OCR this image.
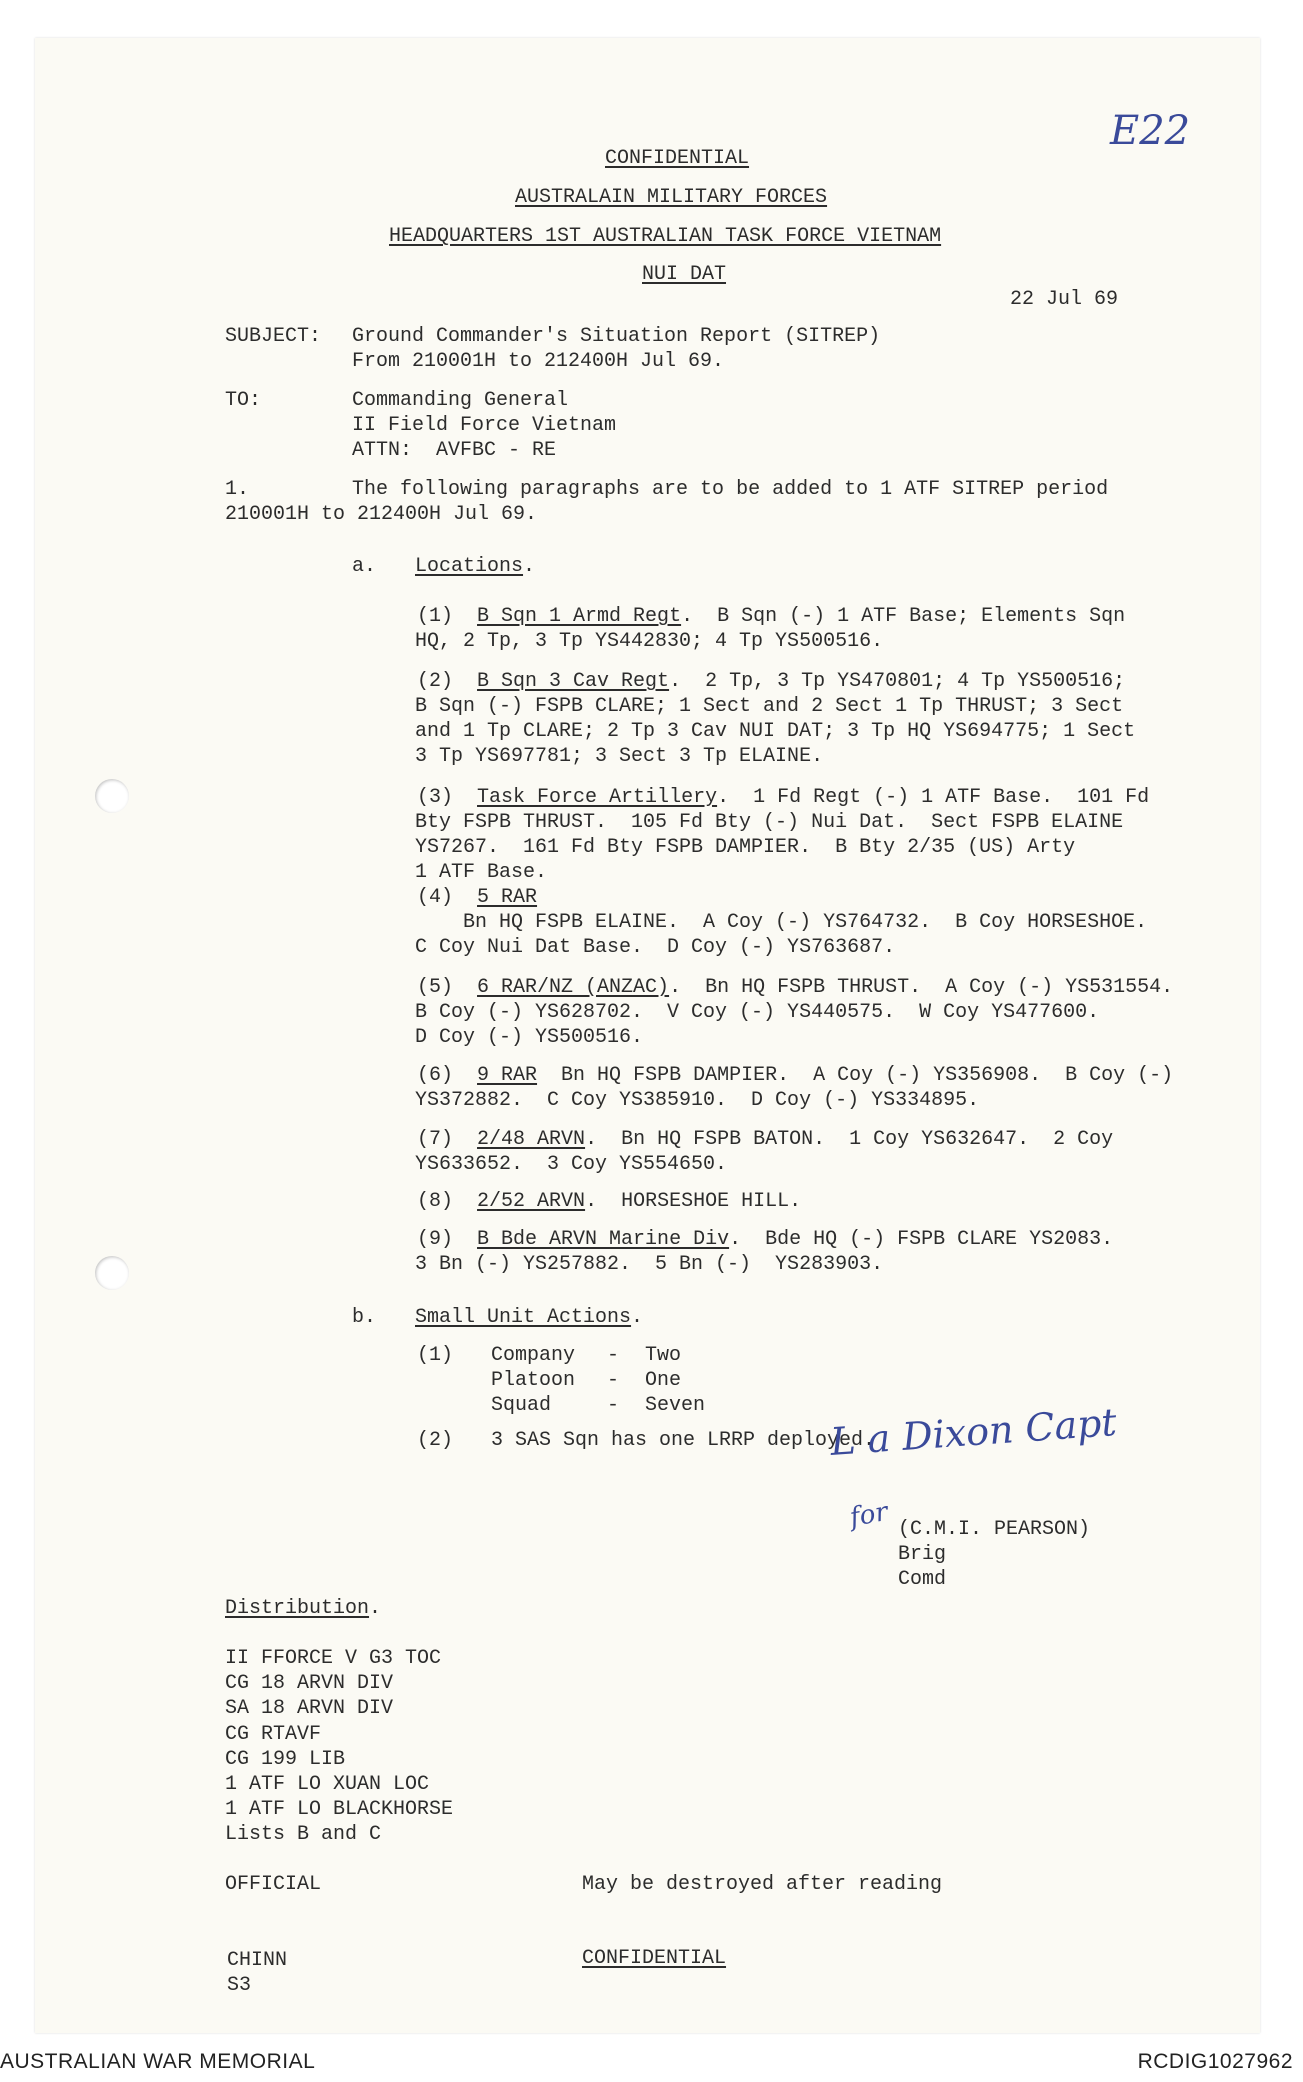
CONFIDENTIAL
AUSTRALAIN MILITARY FORCES
HEADQUARTERS 1ST AUSTRALIAN TASK FORCE VIETNAM
NUI DAT
E22
22 Jul 69
SUBJECT: Ground Commander's Situation Report (SITREP)
From 210001H to 212400H Jul 69.
TO:	Commanding General
II Field Force Vietnam
ATTN:  AVFBC - RE
1.	The following paragraphs are to be added to 1 ATF SITREP period
210001H to 212400H Jul 69.
a. Locations.
(1) B Sqn 1 Armd Regt.  B Sqn (-) 1 ATF Base; Elements Sqn
HQ, 2 Tp, 3 Tp YS442830; 4 Tp YS500516.
(2) B Sqn 3 Cav Regt.  2 Tp, 3 Tp YS470801; 4 Tp YS500516;
B Sqn (-) FSPB CLARE; 1 Sect and 2 Sect 1 Tp THRUST; 3 Sect
and 1 Tp CLARE; 2 Tp 3 Cav NUI DAT; 3 Tp HQ YS694775; 1 Sect
3 Tp YS697781; 3 Sect 3 Tp ELAINE.
(3) Task Force Artillery.  1 Fd Regt (-) 1 ATF Base.  101 Fd
Bty FSPB THRUST.  105 Fd Bty (-) Nui Dat.  Sect FSPB ELAINE
YS7267.  161 Fd Bty FSPB DAMPIER.  B Bty 2/35 (US) Arty
1 ATF Base.
(4) 5 RAR
Bn HQ FSPB ELAINE.  A Coy (-) YS764732.  B Coy HORSESHOE.
C Coy Nui Dat Base.  D Coy (-) YS763687.
(5) 6 RAR/NZ (ANZAC).  Bn HQ FSPB THRUST.  A Coy (-) YS531554.
B Coy (-) YS628702.  V Coy (-) YS440575.  W Coy YS477600.
D Coy (-) YS500516.
(6) 9 RAR  Bn HQ FSPB DAMPIER.  A Coy (-) YS356908.  B Coy (-)
YS372882.  C Coy YS385910.  D Coy (-) YS334895.
(7) 2/48 ARVN.  Bn HQ FSPB BATON.  1 Coy YS632647.  2 Coy
YS633652.  3 Coy YS554650.
(8) 2/52 ARVN.  HORSESHOE HILL.
(9) B Bde ARVN Marine Div.  Bde HQ (-) FSPB CLARE YS2083.
3 Bn (-) YS257882.  5 Bn (-)  YS283903.
b. Small Unit Actions.
(1) Company - Two
Platoon - One
Squad	- Seven
(2) 3 SAS Sqn has one LRRP deployed.
L a Dixon Capt
for (C.M.I. PEARSON)
Brig
Comd
Distribution.
II FFORCE V G3 TOC
CG 18 ARVN DIV
SA 18 ARVN DIV
CG RTAVF
CG 199 LIB
1 ATF LO XUAN LOC
1 ATF LO BLACKHORSE
Lists B and C
OFFICIAL	May be destroyed after reading
CHINN	CONFIDENTIAL
S3
AUSTRALIAN WAR MEMORIAL	RCDIG1027962
